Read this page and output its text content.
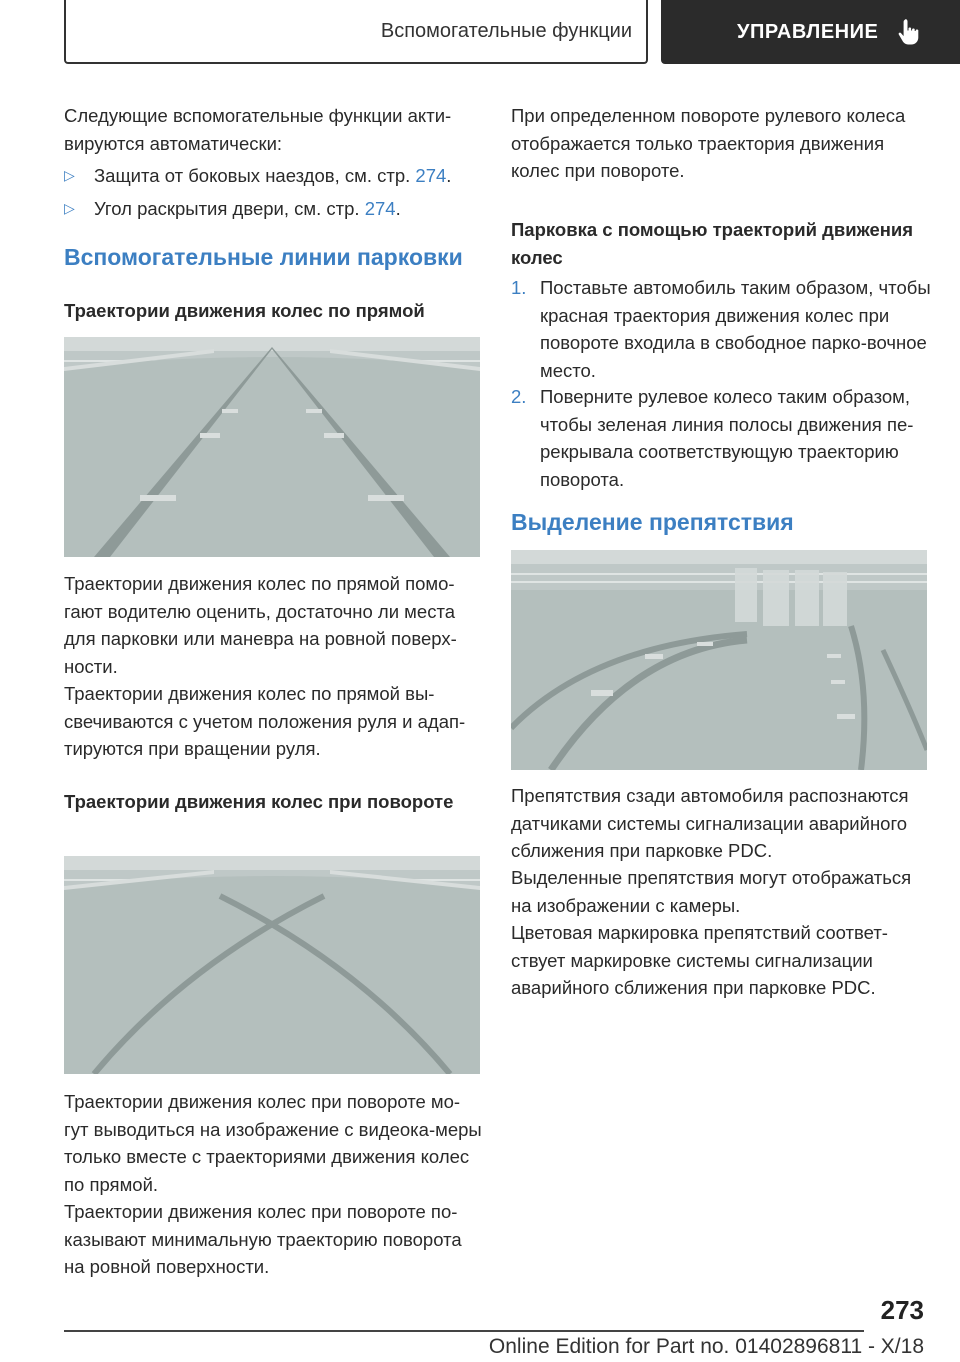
Вспомогательные функции	УПРАВЛЕНИЕ

Следующие вспомогательные функции акти-вируются автоматически:

▷	Защита от боковых наездов, см. стр. 274.
▷	Угол раскрытия двери, см. стр. 274.
Вспомогательные линии парковки
Траектории движения колес по прямой

Траектории движения колес по прямой помо-гают водителю оценить, достаточно ли места для парковки или маневра на ровной поверх-ности.

Траектории движения колес по прямой вы-свечиваются с учетом положения руля и адап-тируются при вращении руля.

Траектории движения колес при повороте

Траектории движения колес при повороте мо-гут выводиться на изображение с видеока-меры только вместе с траекториями движения колес по прямой.

Траектории движения колес при повороте по-казывают минимальную траекторию поворота на ровной поверхности.

При определенном повороте рулевого колеса отображается только траектория движения колес при повороте.

Парковка с помощью траекторий движения колес
1. Поставьте автомобиль таким образом, чтобы красная траектория движения колес при повороте входила в свободное парко-вочное место.
2. Поверните рулевое колесо таким образом, чтобы зеленая линия полосы движения пе-рекрывала соответствующую траекторию поворота.
Выделение препятствия

Препятствия сзади автомобиля распознаются датчиками системы сигнализации аварийного сближения при парковке PDC.

Выделенные препятствия могут отображаться на изображении с камеры.

Цветовая маркировка препятствий соответ-ствует маркировке системы сигнализации аварийного сближения при парковке PDC.

273
Online Edition for Part no. 01402896811 - X/18
